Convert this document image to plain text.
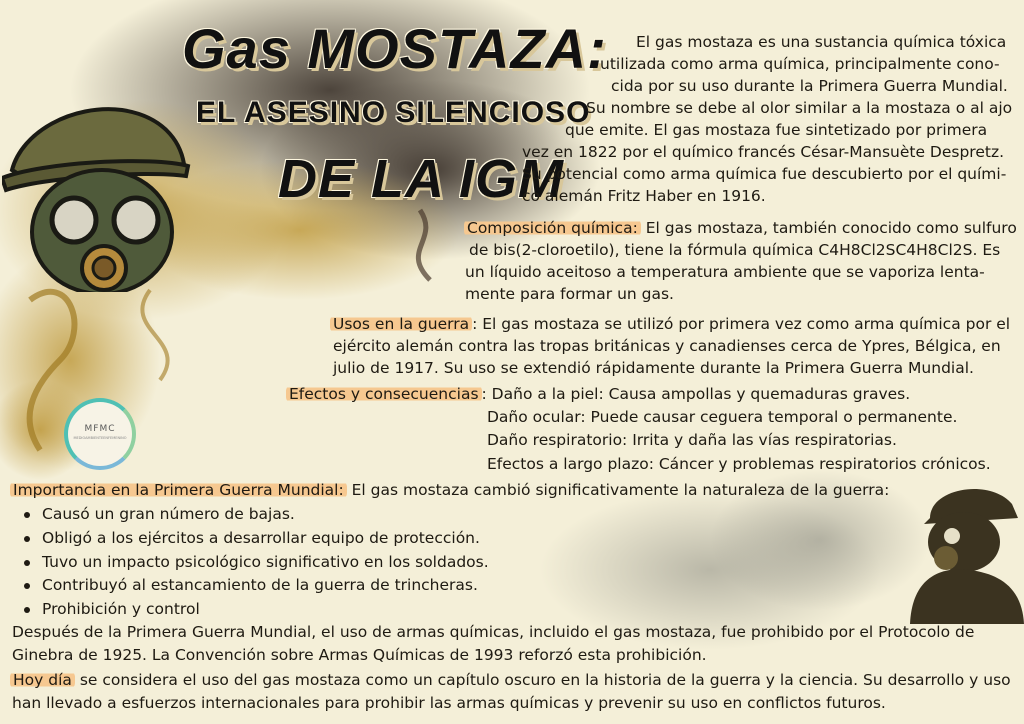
Gas MOSTAZA:
EL ASESINO SILENCIOSO
DE LA IGM
El gas mostaza es una sustancia química tóxica
utilizada como arma química, principalmente cono-
cida por su uso durante la Primera Guerra Mundial.
Su nombre se debe al olor similar a la mostaza o al ajo
que emite. El gas mostaza fue sintetizado por primera
vez en 1822 por el químico francés César-Mansuète Despretz.
Su potencial como arma química fue descubierto por el quími-
co alemán Fritz Haber en 1916.
Composición química: El gas mostaza, también conocido como sulfuro
de bis(2-cloroetilo), tiene la fórmula química C4H8Cl2SC4H8Cl2S. Es
un líquido aceitoso a temperatura ambiente que se vaporiza lenta-
mente para formar un gas.
Usos en la guerra : El gas mostaza se utilizó por primera vez como arma química por el
ejército alemán contra las tropas británicas y canadienses cerca de Ypres, Bélgica, en
julio de 1917. Su uso se extendió rápidamente durante la Primera Guerra Mundial.
Efectos y consecuencias : Daño a la piel: Causa ampollas y quemaduras graves.
Daño ocular: Puede causar ceguera temporal o permanente.
Daño respiratorio: Irrita y daña las vías respiratorias.
Efectos a largo plazo: Cáncer y problemas respiratorios crónicos.
MFMC
MEDIOAMBIENTEENFEMENINO
Importancia en la Primera Guerra Mundial: El gas mostaza cambió significativamente la naturaleza de la guerra:
Causó un gran número de bajas.
Obligó a los ejércitos a desarrollar equipo de protección.
Tuvo un impacto psicológico significativo en los soldados.
Contribuyó al estancamiento de la guerra de trincheras.
Prohibición y control
Después de la Primera Guerra Mundial, el uso de armas químicas, incluido el gas mostaza, fue prohibido por el Protocolo de
Ginebra de 1925. La Convención sobre Armas Químicas de 1993 reforzó esta prohibición.
Hoy día se considera el uso del gas mostaza como un capítulo oscuro en la historia de la guerra y la ciencia. Su desarrollo y uso
han llevado a esfuerzos internacionales para prohibir las armas químicas y prevenir su uso en conflictos futuros.
